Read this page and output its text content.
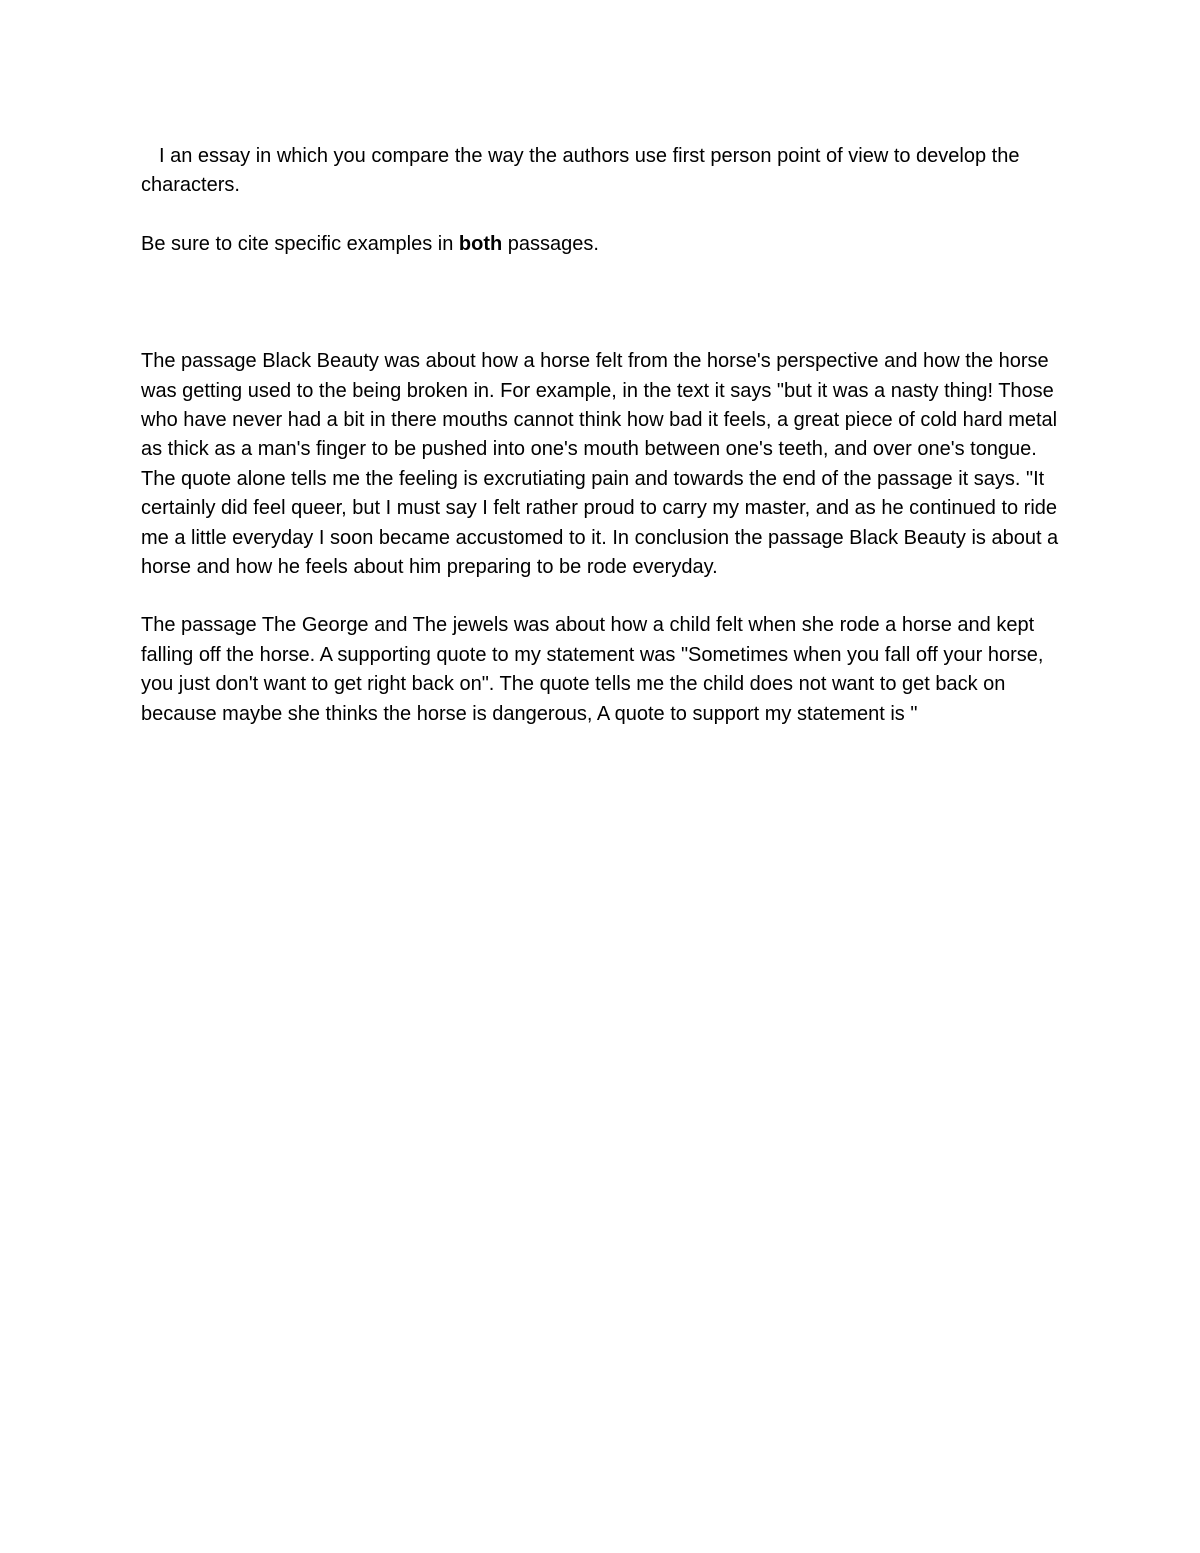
I an essay in which you compare the way the authors use first person point of view to develop the characters.

Be sure to cite specific examples in both passages.

The passage Black Beauty was about how a horse felt from the horse's perspective and how the horse was getting used to the being broken in. For example, in the text it says "but it was a nasty thing! Those who have never had a bit in there mouths cannot think how bad it feels, a great piece of cold hard metal as thick as a man's finger to be pushed into one's mouth between one's teeth, and over one's tongue. The quote alone tells me the feeling is excrutiating pain and towards the end of the passage it says. "It certainly did feel queer, but I must say I felt rather proud to carry my master, and as he continued to ride me a little everyday I soon became accustomed to it. In conclusion the passage Black Beauty is about a horse and how he feels about him preparing to be rode everyday.

The passage The George and The jewels was about how a child felt when she rode a horse and kept falling off the horse. A supporting quote to my statement was "Sometimes when you fall off your horse, you just don't want to get right back on". The quote tells me the child does not want to get back on because maybe she thinks the horse is dangerous, A quote to support my statement is "
